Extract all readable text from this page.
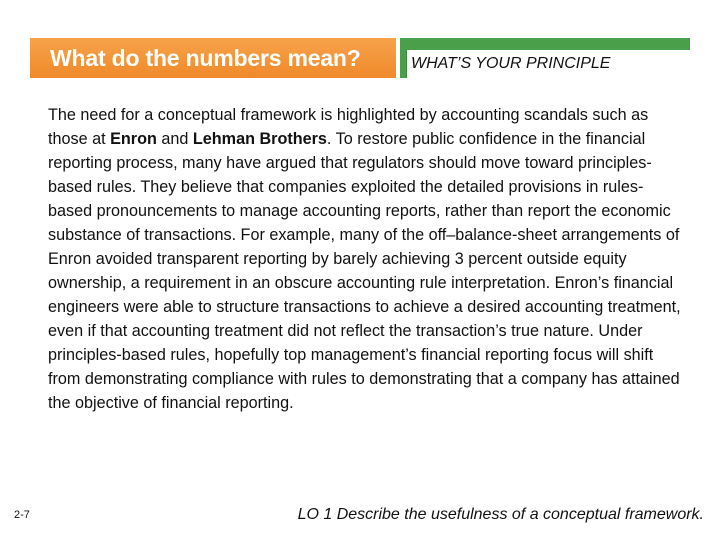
What do the numbers mean?	WHAT’S YOUR PRINCIPLE

The need for a conceptual framework is highlighted by accounting scandals such as those at Enron and Lehman Brothers. To restore public confidence in the financial reporting process, many have argued that regulators should move toward principles-based rules. They believe that companies exploited the detailed provisions in rules-based pronouncements to manage accounting reports, rather than report the economic substance of transactions. For example, many of the off–balance-sheet arrangements of Enron avoided transparent reporting by barely achieving 3 percent outside equity ownership, a requirement in an obscure accounting rule interpretation. Enron’s financial engineers were able to structure transactions to achieve a desired accounting treatment, even if that accounting treatment did not reflect the transaction’s true nature. Under principles-based rules, hopefully top management’s financial reporting focus will shift from demonstrating compliance with rules to demonstrating that a company has attained the objective of financial reporting.

2-7	LO 1 Describe the usefulness of a conceptual framework.
